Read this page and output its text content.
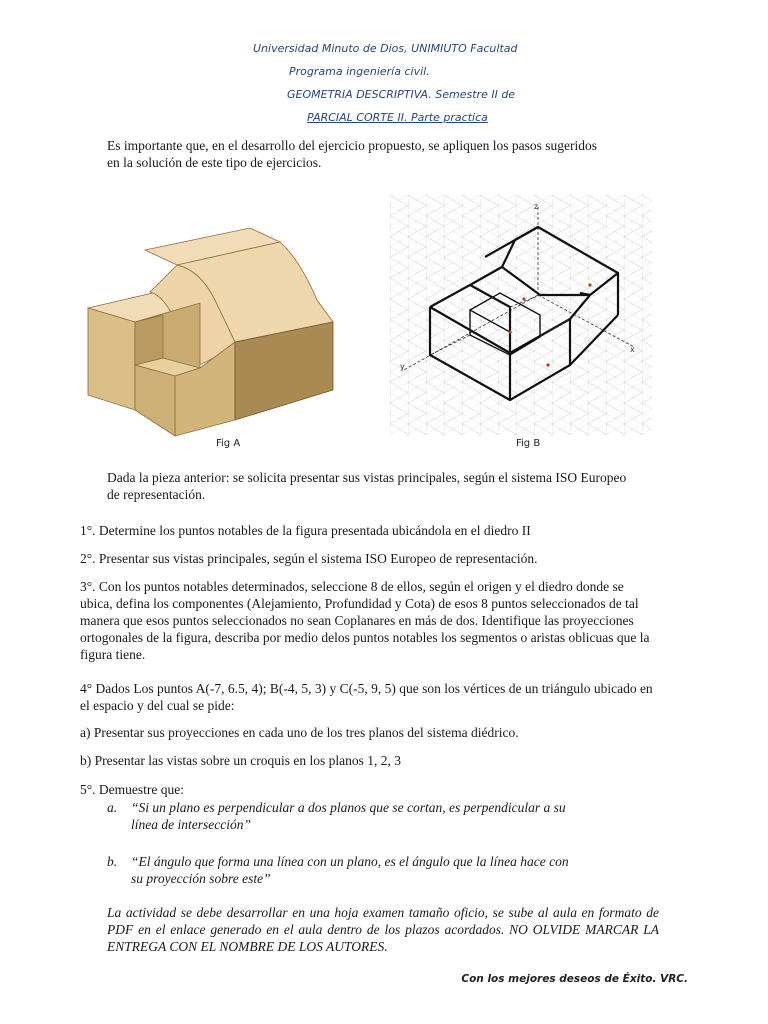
Universidad Minuto de Dios, UNIMIUTO Facultad
Programa ingeniería civil.
GEOMETRIA DESCRIPTIVA. Semestre II de
PARCIAL CORTE II. Parte practica
Es importante que, en el desarrollo del ejercicio propuesto, se apliquen los pasos sugeridos en la solución de este tipo de ejercicios.
z
x
y
Fig A	Fig B
Dada la pieza anterior: se solicita presentar sus vistas principales, según el sistema ISO Europeo de representación.
1°. Determine los puntos notables de la figura presentada ubicándola en el diedro II
2°. Presentar sus vistas principales, según el sistema ISO Europeo de representación.
3°. Con los puntos notables determinados, seleccione 8 de ellos, según el origen y el diedro donde se ubica, defina los componentes (Alejamiento, Profundidad y Cota) de esos 8 puntos seleccionados de tal manera que esos puntos seleccionados no sean Coplanares en más de dos. Identifique las proyecciones ortogonales de la figura, describa por medio delos puntos notables los segmentos o aristas oblicuas que la figura tiene.
4° Dados Los puntos A(-7, 6.5, 4); B(-4, 5, 3) y C(-5, 9, 5) que son los vértices de un triángulo ubicado en el espacio y del cual se pide:
a) Presentar sus proyecciones en cada uno de los tres planos del sistema diédrico.
b) Presentar las vistas sobre un croquis en los planos 1, 2, 3
5°. Demuestre que:
a.	“Si un plano es perpendicular a dos planos que se cortan, es perpendicular a su
línea de intersección”
b.	“El ángulo que forma una línea con un plano, es el ángulo que la línea hace con
su proyección sobre este”
La actividad se debe desarrollar en una hoja examen tamaño oficio, se sube al aula en formato de PDF en el enlace generado en el aula dentro de los plazos acordados. NO OLVIDE MARCAR LA ENTREGA CON EL NOMBRE DE LOS AUTORES.
Con los mejores deseos de Éxito. VRC.
